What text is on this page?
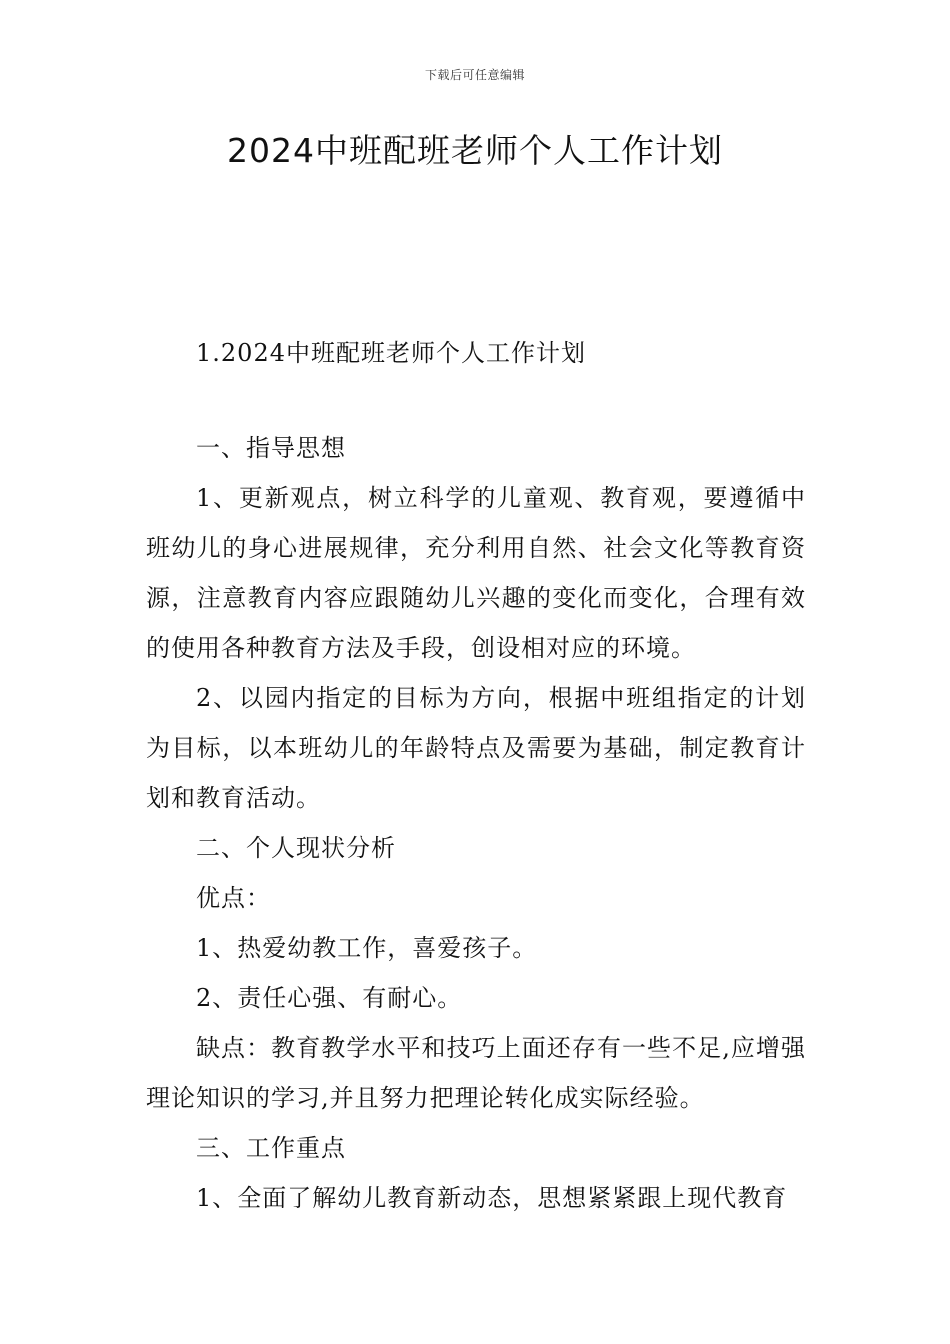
下载后可任意编辑
2024中班配班老师个人工作计划
1.2024中班配班老师个人工作计划

一、指导思想

1、更新观点，树立科学的儿童观、教育观，要遵循中班幼儿的身心进展规律，充分利用自然、社会文化等教育资源，注意教育内容应跟随幼儿兴趣的变化而变化，合理有效的使用各种教育方法及手段，创设相对应的环境。

2、以园内指定的目标为方向，根据中班组指定的计划为目标，以本班幼儿的年龄特点及需要为基础，制定教育计划和教育活动。

二、个人现状分析

优点：

1、热爱幼教工作，喜爱孩子。

2、责任心强、有耐心。

缺点：教育教学水平和技巧上面还存有一些不足,应增强理论知识的学习,并且努力把理论转化成实际经验。

三、工作重点

1、全面了解幼儿教育新动态，思想紧紧跟上现代教育
